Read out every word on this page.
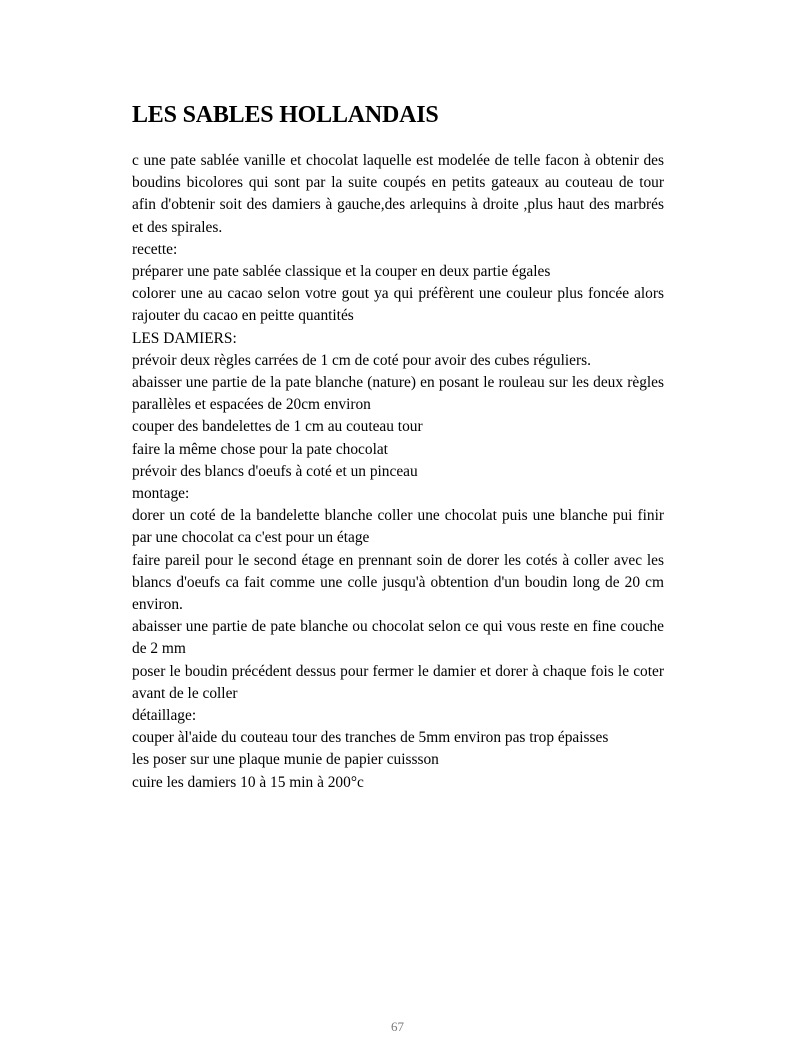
LES SABLES HOLLANDAIS

c une pate sablée vanille et chocolat laquelle est modelée de telle facon à obtenir des boudins bicolores qui sont par la suite coupés en petits gateaux au couteau de tour afin d'obtenir soit des damiers à gauche,des arlequins à droite ,plus haut des marbrés et des spirales.

recette:

préparer une pate sablée classique et la couper en deux partie égales

colorer une au cacao selon votre gout ya qui préfèrent une couleur plus foncée alors rajouter du cacao en peitte quantités

LES DAMIERS:

prévoir deux règles carrées de 1 cm de coté pour avoir des cubes réguliers.

abaisser une partie de la pate blanche (nature) en posant le rouleau sur les deux règles parallèles et espacées de 20cm environ

couper des bandelettes de 1 cm au couteau tour

faire la même chose pour la pate chocolat

prévoir des blancs d'oeufs à coté et un pinceau

montage:

dorer un coté de la bandelette blanche coller une chocolat puis une blanche pui finir par une chocolat ca c'est pour un étage

faire pareil pour le second étage en prennant soin de dorer les cotés à coller avec les blancs d'oeufs ca fait comme une colle jusqu'à obtention d'un boudin long de 20 cm environ.

abaisser une partie de pate blanche ou chocolat selon ce qui vous reste en fine couche de 2 mm

poser le boudin précédent dessus pour fermer le damier et dorer à chaque fois le coter avant de le coller

détaillage:

couper àl'aide du couteau tour des tranches de 5mm environ pas trop épaisses

les poser sur une plaque munie de papier cuissson

cuire les damiers 10 à 15 min à 200°c

67
